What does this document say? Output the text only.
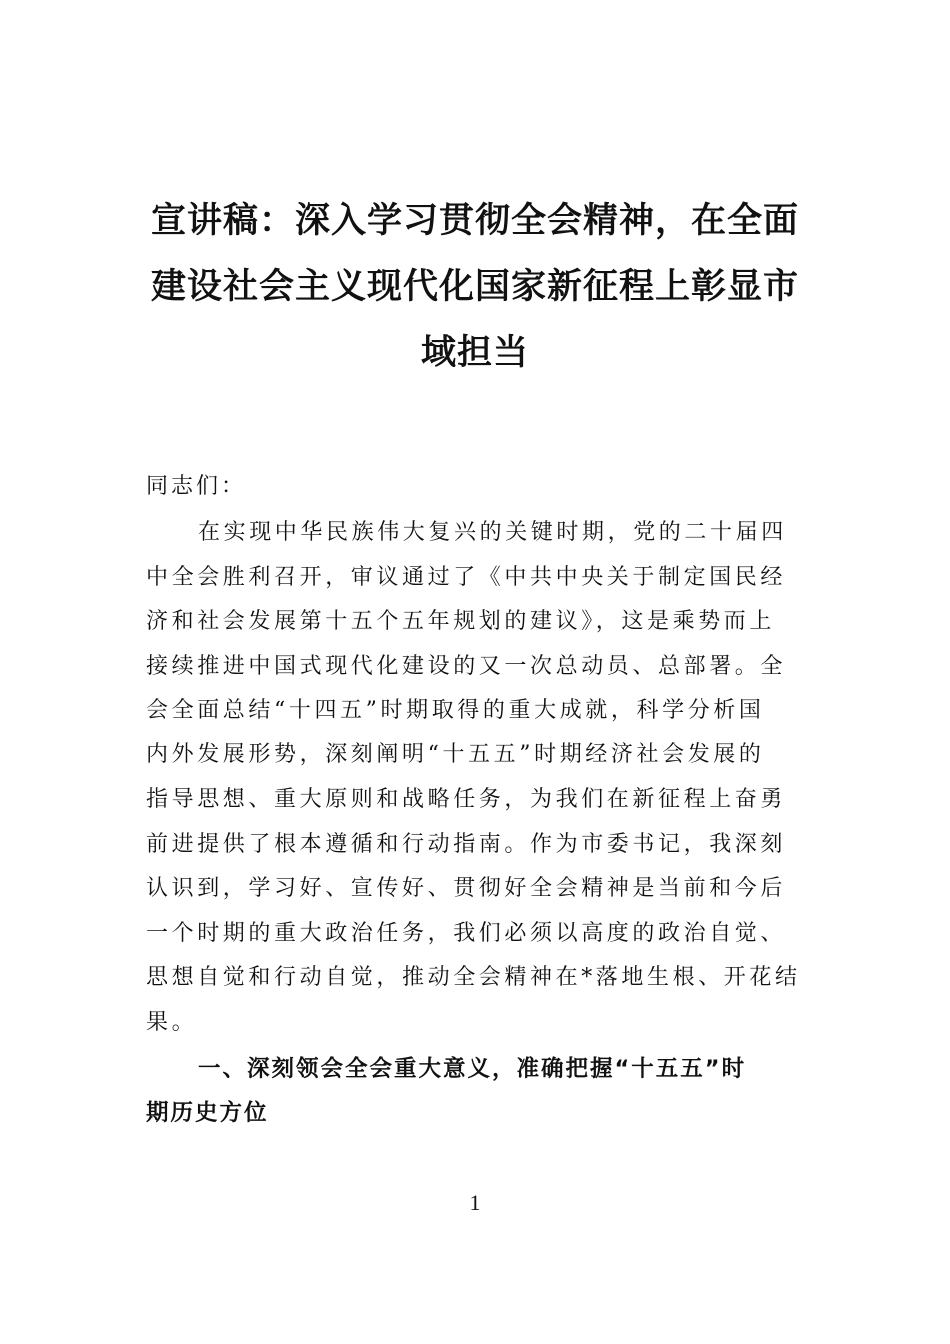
宣讲稿：深入学习贯彻全会精神，在全面
建设社会主义现代化国家新征程上彰显市
域担当

同志们：

在实现中华民族伟大复兴的关键时期，党的二十届四

中全会胜利召开，审议通过了《中共中央关于制定国民经

济和社会发展第十五个五年规划的建议》，这是乘势而上

接续推进中国式现代化建设的又一次总动员、总部署。全

会全面总结“十四五”时期取得的重大成就，科学分析国

内外发展形势，深刻阐明“十五五”时期经济社会发展的

指导思想、重大原则和战略任务，为我们在新征程上奋勇

前进提供了根本遵循和行动指南。作为市委书记，我深刻

认识到，学习好、宣传好、贯彻好全会精神是当前和今后

一个时期的重大政治任务，我们必须以高度的政治自觉、

思想自觉和行动自觉，推动全会精神在*落地生根、开花结

果。

一、深刻领会全会重大意义，准确把握“十五五”时

期历史方位

1
